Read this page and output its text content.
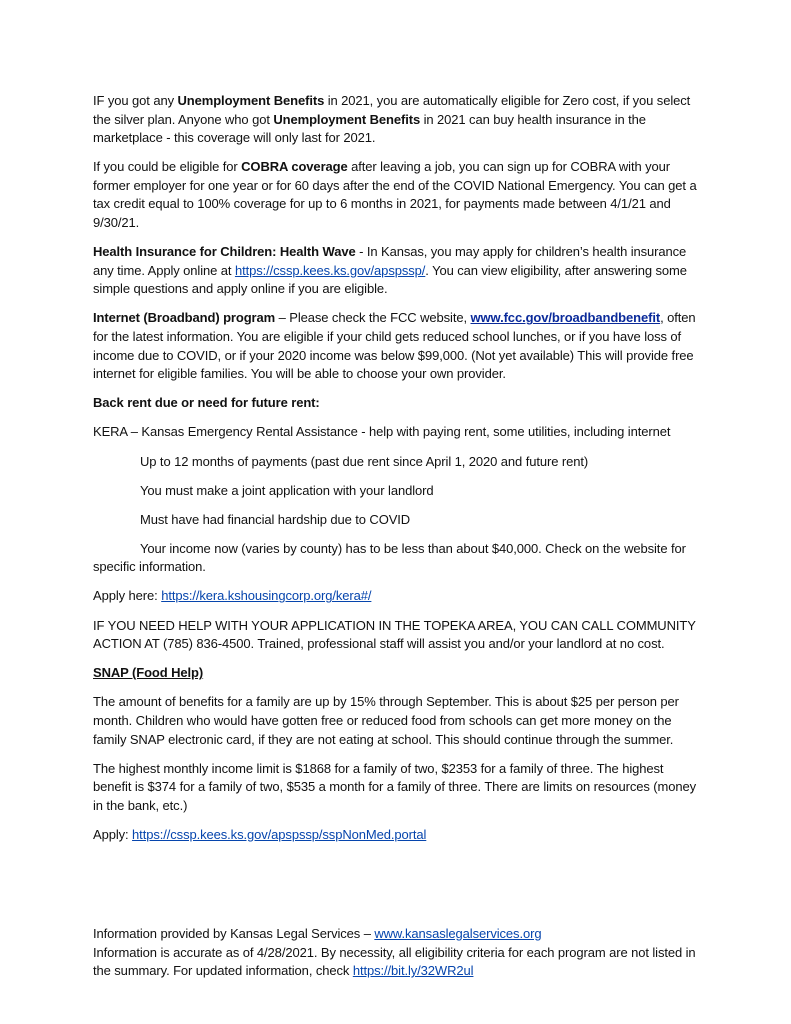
IF you got any Unemployment Benefits in 2021, you are automatically eligible for Zero cost, if you select the silver plan. Anyone who got Unemployment Benefits in 2021 can buy health insurance in the marketplace - this coverage will only last for 2021.

If you could be eligible for COBRA coverage after leaving a job, you can sign up for COBRA with your former employer for one year or for 60 days after the end of the COVID National Emergency. You can get a tax credit equal to 100% coverage for up to 6 months in 2021, for payments made between 4/1/21 and 9/30/21.

Health Insurance for Children: Health Wave - In Kansas, you may apply for children’s health insurance any time. Apply online at https://cssp.kees.ks.gov/apspssp/. You can view eligibility, after answering some simple questions and apply online if you are eligible.

Internet (Broadband) program – Please check the FCC website, www.fcc.gov/broadbandbenefit, often for the latest information. You are eligible if your child gets reduced school lunches, or if you have loss of income due to COVID, or if your 2020 income was below $99,000. (Not yet available) This will provide free internet for eligible families. You will be able to choose your own provider.

Back rent due or need for future rent:

KERA – Kansas Emergency Rental Assistance - help with paying rent, some utilities, including internet

Up to 12 months of payments (past due rent since April 1, 2020 and future rent)

You must make a joint application with your landlord

Must have had financial hardship due to COVID

Your income now (varies by county) has to be less than about $40,000. Check on the website for specific information.

Apply here: https://kera.kshousingcorp.org/kera#/

IF YOU NEED HELP WITH YOUR APPLICATION IN THE TOPEKA AREA, YOU CAN CALL COMMUNITY ACTION AT (785) 836-4500. Trained, professional staff will assist you and/or your landlord at no cost.

SNAP (Food Help)

The amount of benefits for a family are up by 15% through September. This is about $25 per person per month. Children who would have gotten free or reduced food from schools can get more money on the family SNAP electronic card, if they are not eating at school. This should continue through the summer.

The highest monthly income limit is $1868 for a family of two, $2353 for a family of three. The highest benefit is $374 for a family of two, $535 a month for a family of three. There are limits on resources (money in the bank, etc.)

Apply: https://cssp.kees.ks.gov/apspssp/sspNonMed.portal

Information provided by Kansas Legal Services – www.kansaslegalservices.org

Information is accurate as of 4/28/2021. By necessity, all eligibility criteria for each program are not listed in the summary. For updated information, check https://bit.ly/32WR2ul
